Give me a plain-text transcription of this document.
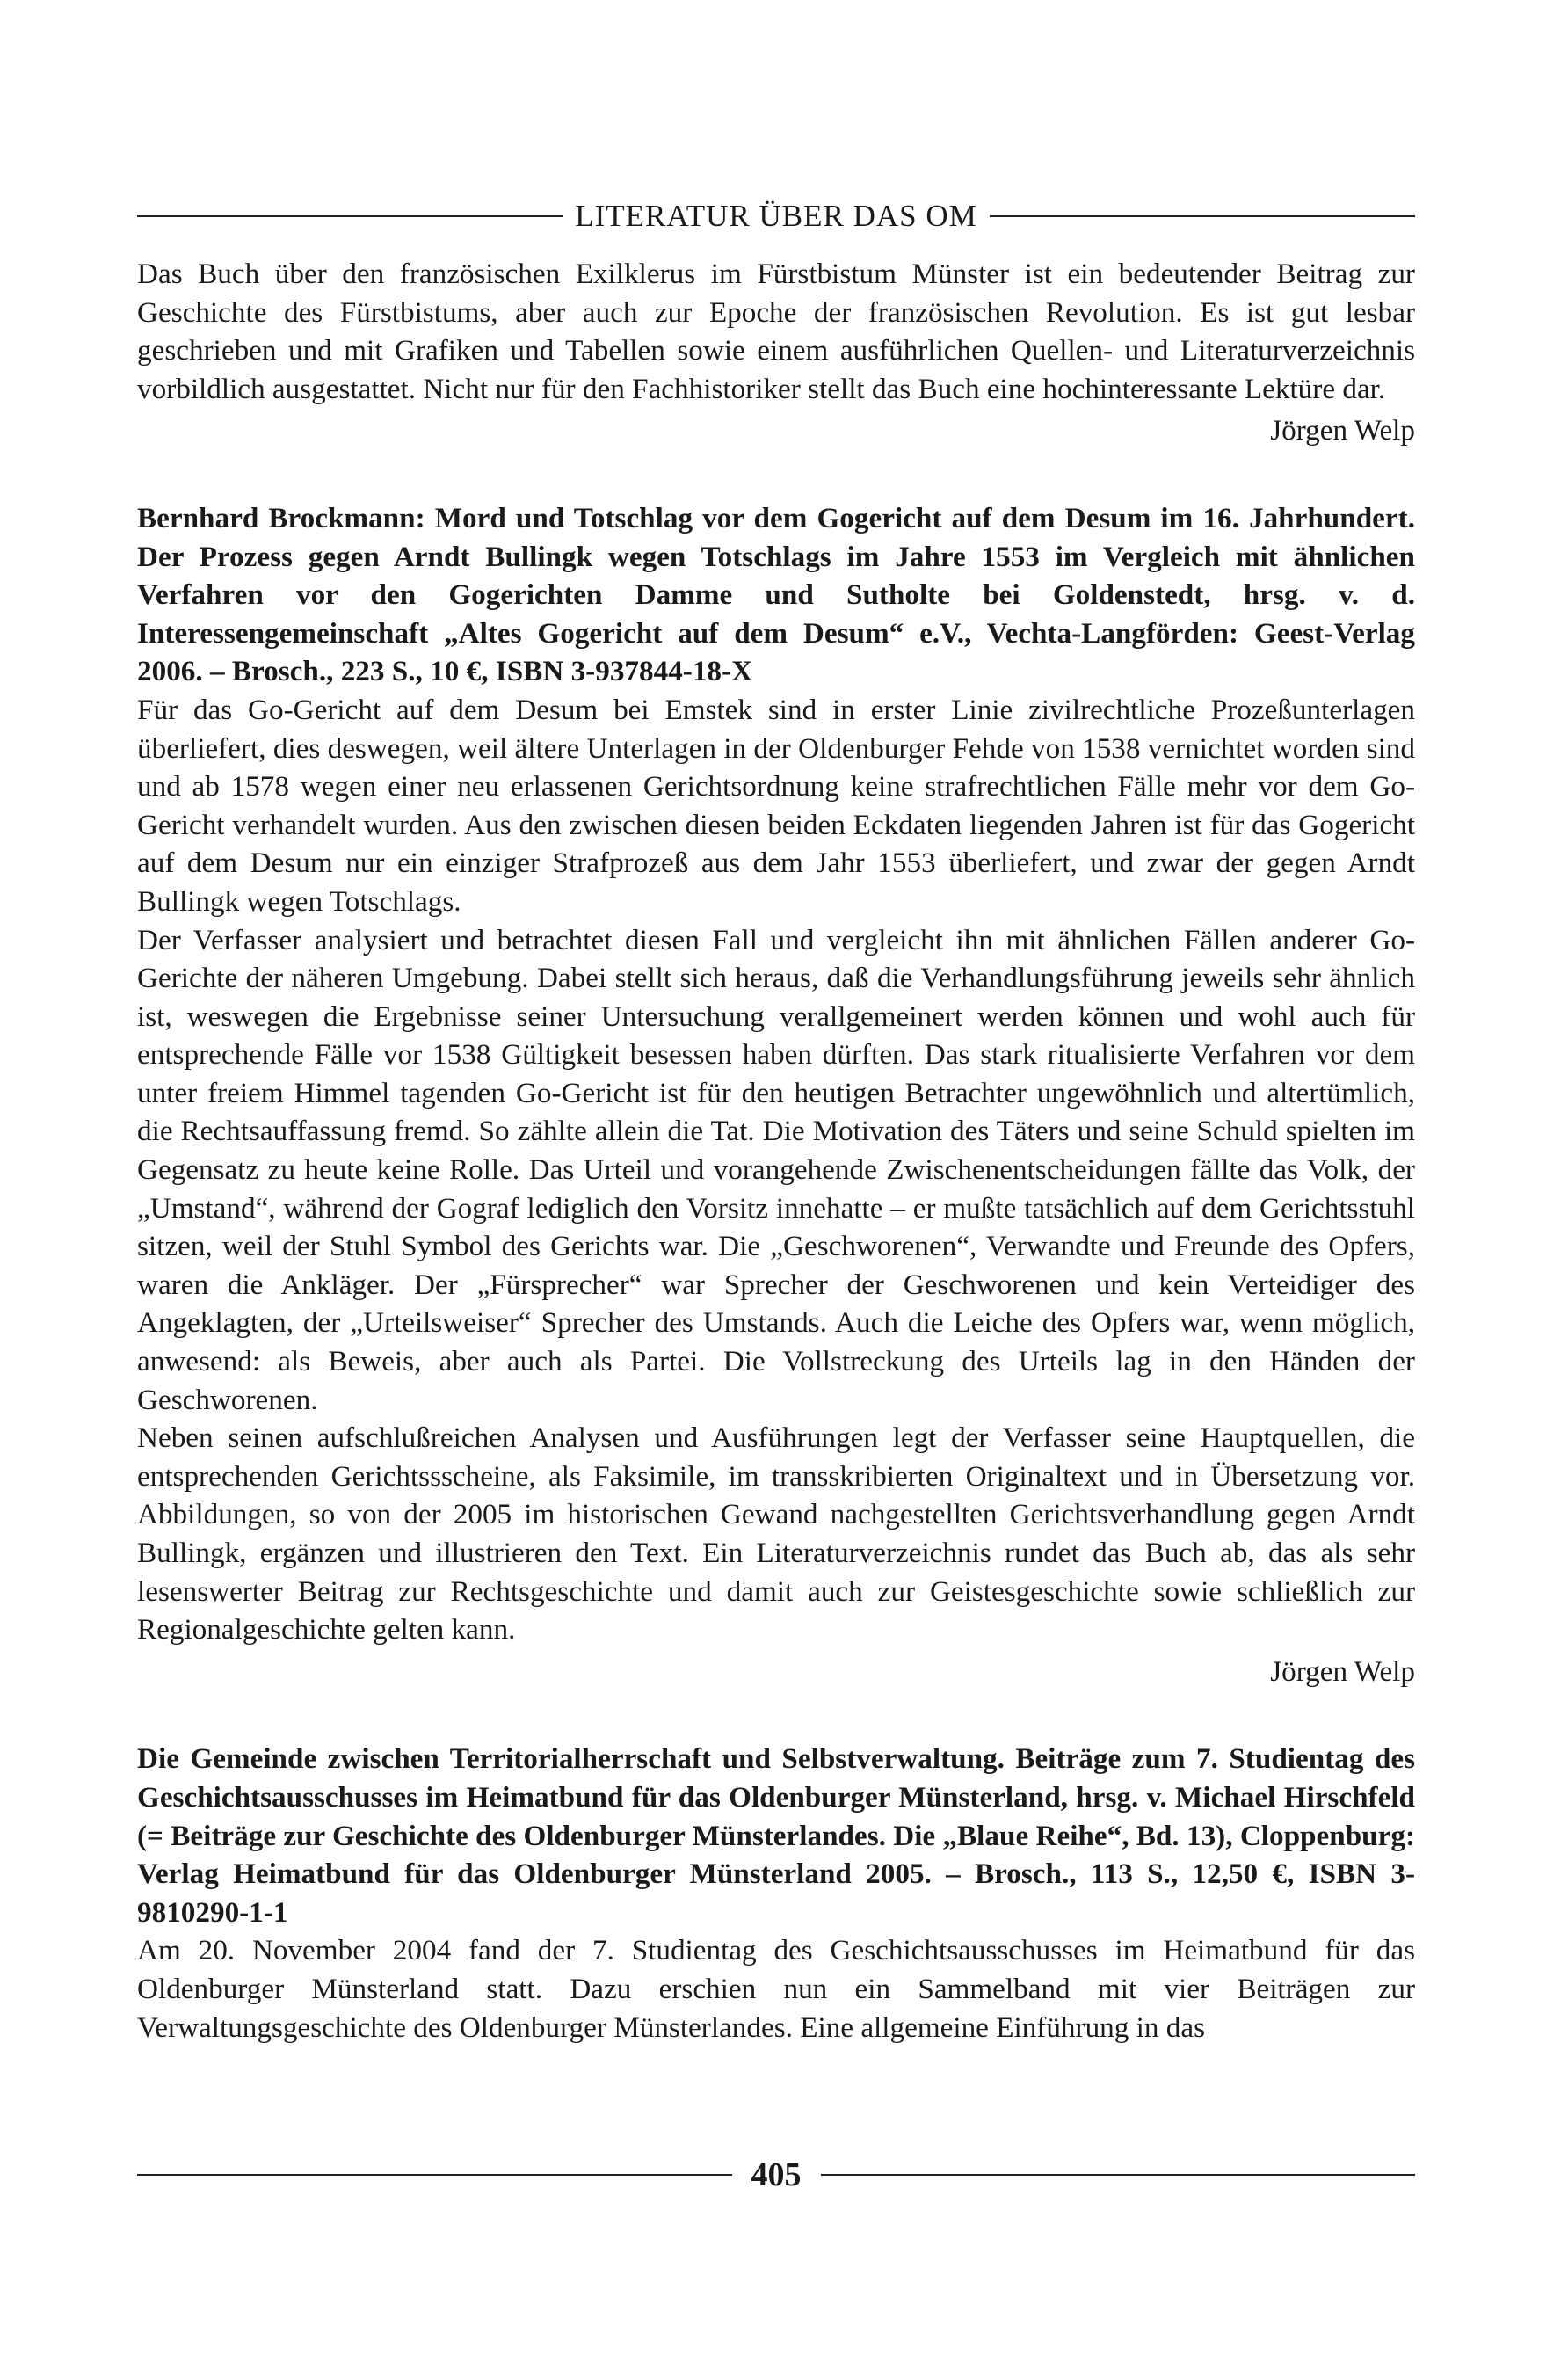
LITERATUR ÜBER DAS OM

Das Buch über den französischen Exilklerus im Fürstbistum Münster ist ein bedeutender Beitrag zur Geschichte des Fürstbistums, aber auch zur Epoche der französischen Revolution. Es ist gut lesbar geschrieben und mit Grafiken und Tabellen sowie einem ausführlichen Quellen- und Literaturverzeichnis vorbildlich ausgestattet. Nicht nur für den Fachhistoriker stellt das Buch eine hochinteressante Lektüre dar.

Jörgen Welp

Bernhard Brockmann: Mord und Totschlag vor dem Gogericht auf dem Desum im 16. Jahrhundert. Der Prozess gegen Arndt Bullingk wegen Totschlags im Jahre 1553 im Vergleich mit ähnlichen Verfahren vor den Gogerichten Damme und Sutholte bei Goldenstedt, hrsg. v. d. Interessengemeinschaft „Altes Gogericht auf dem Desum“ e.V., Vechta-Langförden: Geest-Verlag 2006. – Brosch., 223 S., 10 €, ISBN 3-937844-18-X

Für das Go-Gericht auf dem Desum bei Emstek sind in erster Linie zivilrechtliche Prozeßunterlagen überliefert, dies deswegen, weil ältere Unterlagen in der Oldenburger Fehde von 1538 vernichtet worden sind und ab 1578 wegen einer neu erlassenen Gerichtsordnung keine strafrechtlichen Fälle mehr vor dem Go-Gericht verhandelt wurden. Aus den zwischen diesen beiden Eckdaten liegenden Jahren ist für das Gogericht auf dem Desum nur ein einziger Strafprozeß aus dem Jahr 1553 überliefert, und zwar der gegen Arndt Bullingk wegen Totschlags.

Der Verfasser analysiert und betrachtet diesen Fall und vergleicht ihn mit ähnlichen Fällen anderer Go-Gerichte der näheren Umgebung. Dabei stellt sich heraus, daß die Verhandlungsführung jeweils sehr ähnlich ist, weswegen die Ergebnisse seiner Untersuchung verallgemeinert werden können und wohl auch für entsprechende Fälle vor 1538 Gültigkeit besessen haben dürften. Das stark ritualisierte Verfahren vor dem unter freiem Himmel tagenden Go-Gericht ist für den heutigen Betrachter ungewöhnlich und altertümlich, die Rechtsauffassung fremd. So zählte allein die Tat. Die Motivation des Täters und seine Schuld spielten im Gegensatz zu heute keine Rolle. Das Urteil und vorangehende Zwischenentscheidungen fällte das Volk, der „Umstand“, während der Gograf lediglich den Vorsitz innehatte – er mußte tatsächlich auf dem Gerichtsstuhl sitzen, weil der Stuhl Symbol des Gerichts war. Die „Geschworenen“, Verwandte und Freunde des Opfers, waren die Ankläger. Der „Fürsprecher“ war Sprecher der Geschworenen und kein Verteidiger des Angeklagten, der „Urteilsweiser“ Sprecher des Umstands. Auch die Leiche des Opfers war, wenn möglich, anwesend: als Beweis, aber auch als Partei. Die Vollstreckung des Urteils lag in den Händen der Geschworenen.

Neben seinen aufschlußreichen Analysen und Ausführungen legt der Verfasser seine Hauptquellen, die entsprechenden Gerichtssscheine, als Faksimile, im transskribierten Originaltext und in Übersetzung vor. Abbildungen, so von der 2005 im historischen Gewand nachgestellten Gerichtsverhandlung gegen Arndt Bullingk, ergänzen und illustrieren den Text. Ein Literaturverzeichnis rundet das Buch ab, das als sehr lesenswerter Beitrag zur Rechtsgeschichte und damit auch zur Geistesgeschichte sowie schließlich zur Regionalgeschichte gelten kann.

Jörgen Welp

Die Gemeinde zwischen Territorialherrschaft und Selbstverwaltung. Beiträge zum 7. Studientag des Geschichtsausschusses im Heimatbund für das Oldenburger Münsterland, hrsg. v. Michael Hirschfeld (= Beiträge zur Geschichte des Oldenburger Münsterlandes. Die „Blaue Reihe“, Bd. 13), Cloppenburg: Verlag Heimatbund für das Oldenburger Münsterland 2005. – Brosch., 113 S., 12,50 €, ISBN 3-9810290-1-1

Am 20. November 2004 fand der 7. Studientag des Geschichtsausschusses im Heimatbund für das Oldenburger Münsterland statt. Dazu erschien nun ein Sammelband mit vier Beiträgen zur Verwaltungsgeschichte des Oldenburger Münsterlandes. Eine allgemeine Einführung in das

405
